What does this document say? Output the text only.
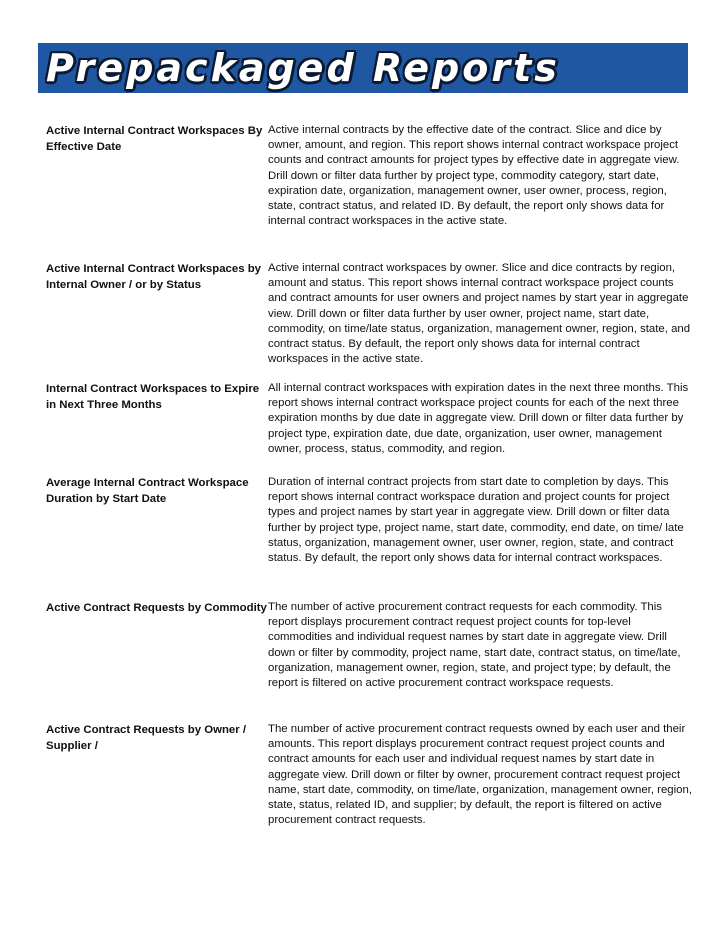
Prepackaged Reports
Active Internal Contract Workspaces By Effective Date
Active internal contracts by the effective date of the contract. Slice and dice by owner, amount, and region. This report shows internal contract workspace project counts and contract amounts for project types by effective date in aggregate view. Drill down or filter data further by project type, commodity category, start date, expiration date, organization, management owner, user owner, process, region, state, contract status, and related ID. By default, the report only shows data for internal contract workspaces in the active state.
Active Internal Contract Workspaces by Internal Owner / or by Status
Active internal contract workspaces by owner. Slice and dice contracts by region, amount and status. This report shows internal contract workspace project counts and contract amounts for user owners and project names by start year in aggregate view. Drill down or filter data further by user owner, project name, start date, commodity, on time/late status, organization, management owner, region, state, and contract status. By default, the report only shows data for internal contract workspaces in the active state.
Internal Contract Workspaces to Expire in Next Three Months
All internal contract workspaces with expiration dates in the next three months. This report shows internal contract workspace project counts for each of the next three expiration months by due date in aggregate view. Drill down or filter data further by project type, expiration date, due date, organization, user owner, management owner, process, status, commodity, and region.
Average Internal Contract Workspace Duration by Start Date
Duration of internal contract projects from start date to completion by days. This report shows internal contract workspace duration and project counts for project types and project names by start year in aggregate view. Drill down or filter data further by project type, project name, start date, commodity, end date, on time/ late status, organization, management owner, user owner, region, state, and contract status. By default, the report only shows data for internal contract workspaces.
Active Contract Requests by Commodity The number of active procurement contract requests for each commodity. This report displays procurement contract request project counts for top-level commodities and individual request names by start date in aggregate view. Drill down or filter by commodity, project name, start date, contract status, on time/late, organization, management owner, region, state, and project type; by default, the report is filtered on active procurement contract workspace requests.
Active Contract Requests by Owner / Supplier /
The number of active procurement contract requests owned by each user and their amounts. This report displays procurement contract request project counts and contract amounts for each user and individual request names by start date in aggregate view. Drill down or filter by owner, procurement contract request project name, start date, commodity, on time/late, organization, management owner, region, state, status, related ID, and supplier; by default, the report is filtered on active procurement contract requests.
